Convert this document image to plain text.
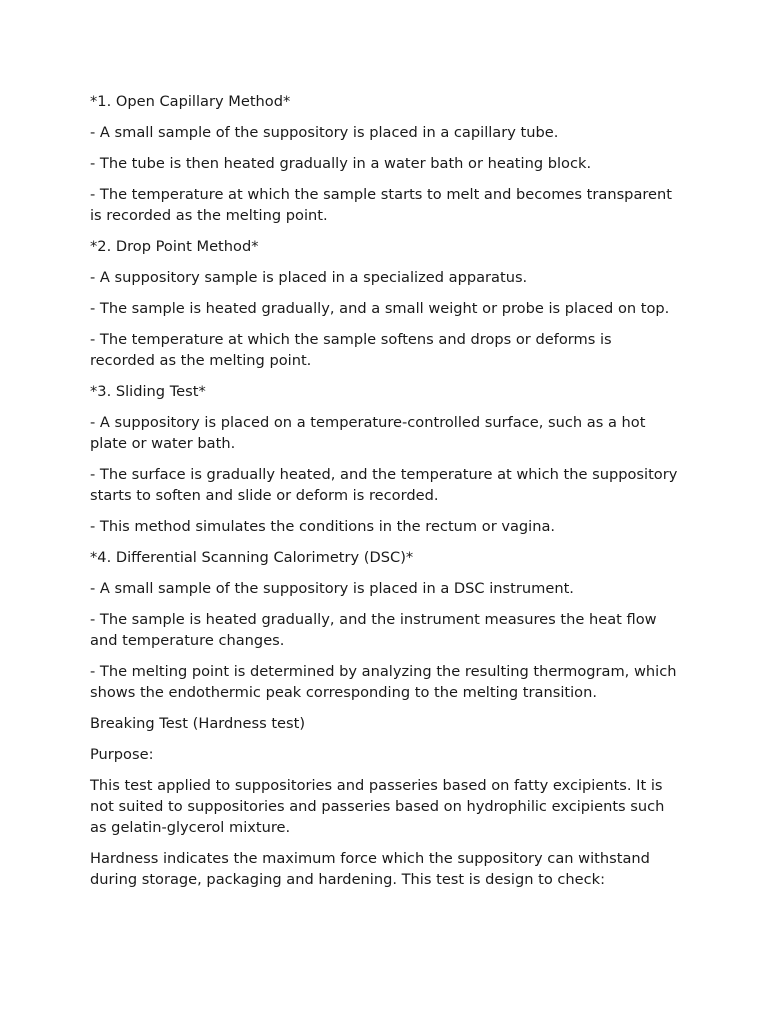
*1. Open Capillary Method*

- A small sample of the suppository is placed in a capillary tube.

- The tube is then heated gradually in a water bath or heating block.

- The temperature at which the sample starts to melt and becomes transparent is recorded as the melting point.

*2. Drop Point Method*

- A suppository sample is placed in a specialized apparatus.

- The sample is heated gradually, and a small weight or probe is placed on top.

- The temperature at which the sample softens and drops or deforms is recorded as the melting point.

*3. Sliding Test*

- A suppository is placed on a temperature-controlled surface, such as a hot plate or water bath.

- The surface is gradually heated, and the temperature at which the suppository starts to soften and slide or deform is recorded.

- This method simulates the conditions in the rectum or vagina.

*4. Differential Scanning Calorimetry (DSC)*

- A small sample of the suppository is placed in a DSC instrument.

- The sample is heated gradually, and the instrument measures the heat flow and temperature changes.

- The melting point is determined by analyzing the resulting thermogram, which shows the endothermic peak corresponding to the melting transition.

Breaking Test (Hardness test)

Purpose:

This test applied to suppositories and passeries based on fatty excipients. It is not suited to suppositories and passeries based on hydrophilic excipients such as gelatin-glycerol mixture.

Hardness indicates the maximum force which the suppository can withstand during storage, packaging and hardening. This test is design to check:
